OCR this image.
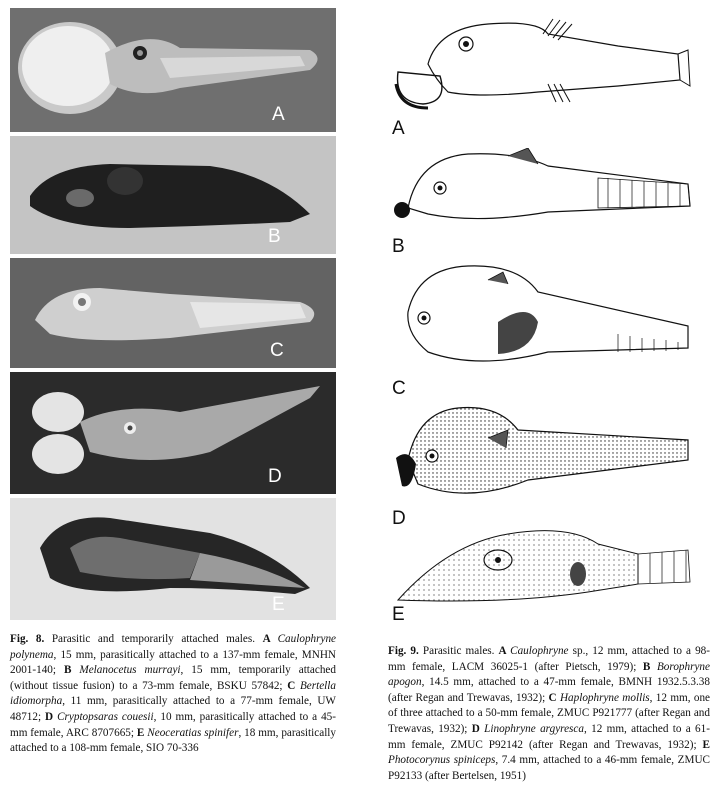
A
B
C
D
E
A
B
C
D
E
Fig. 8. Parasitic and temporarily attached males. A Caulophryne polynema, 15 mm, parasitically attached to a 137-mm female, MNHN 2001-140; B Melanocetus murrayi, 15 mm, temporarily attached (without tissue fusion) to a 73-mm female, BSKU 57842; C Bertella idiomorpha, 11 mm, parasitically attached to a 77-mm female, UW 48712; D Cryptopsaras couesii, 10 mm, parasitically attached to a 45-mm female, ARC 8707665; E Neoceratias spinifer, 18 mm, parasitically attached to a 108-mm female, SIO 70-336
Fig. 9. Parasitic males. A Caulophryne sp., 12 mm, attached to a 98-mm female, LACM 36025-1 (after Pietsch, 1979); B Borophryne apogon, 14.5 mm, attached to a 47-mm female, BMNH 1932.5.3.38 (after Regan and Trewavas, 1932); C Haplophryne mollis, 12 mm, one of three attached to a 50-mm female, ZMUC P921777 (after Regan and Trewavas, 1932); D Linophryne argyresca, 12 mm, attached to a 61-mm female, ZMUC P92142 (after Regan and Trewavas, 1932); E Photocorynus spiniceps, 7.4 mm, attached to a 46-mm female, ZMUC P92133 (after Bertelsen, 1951)
